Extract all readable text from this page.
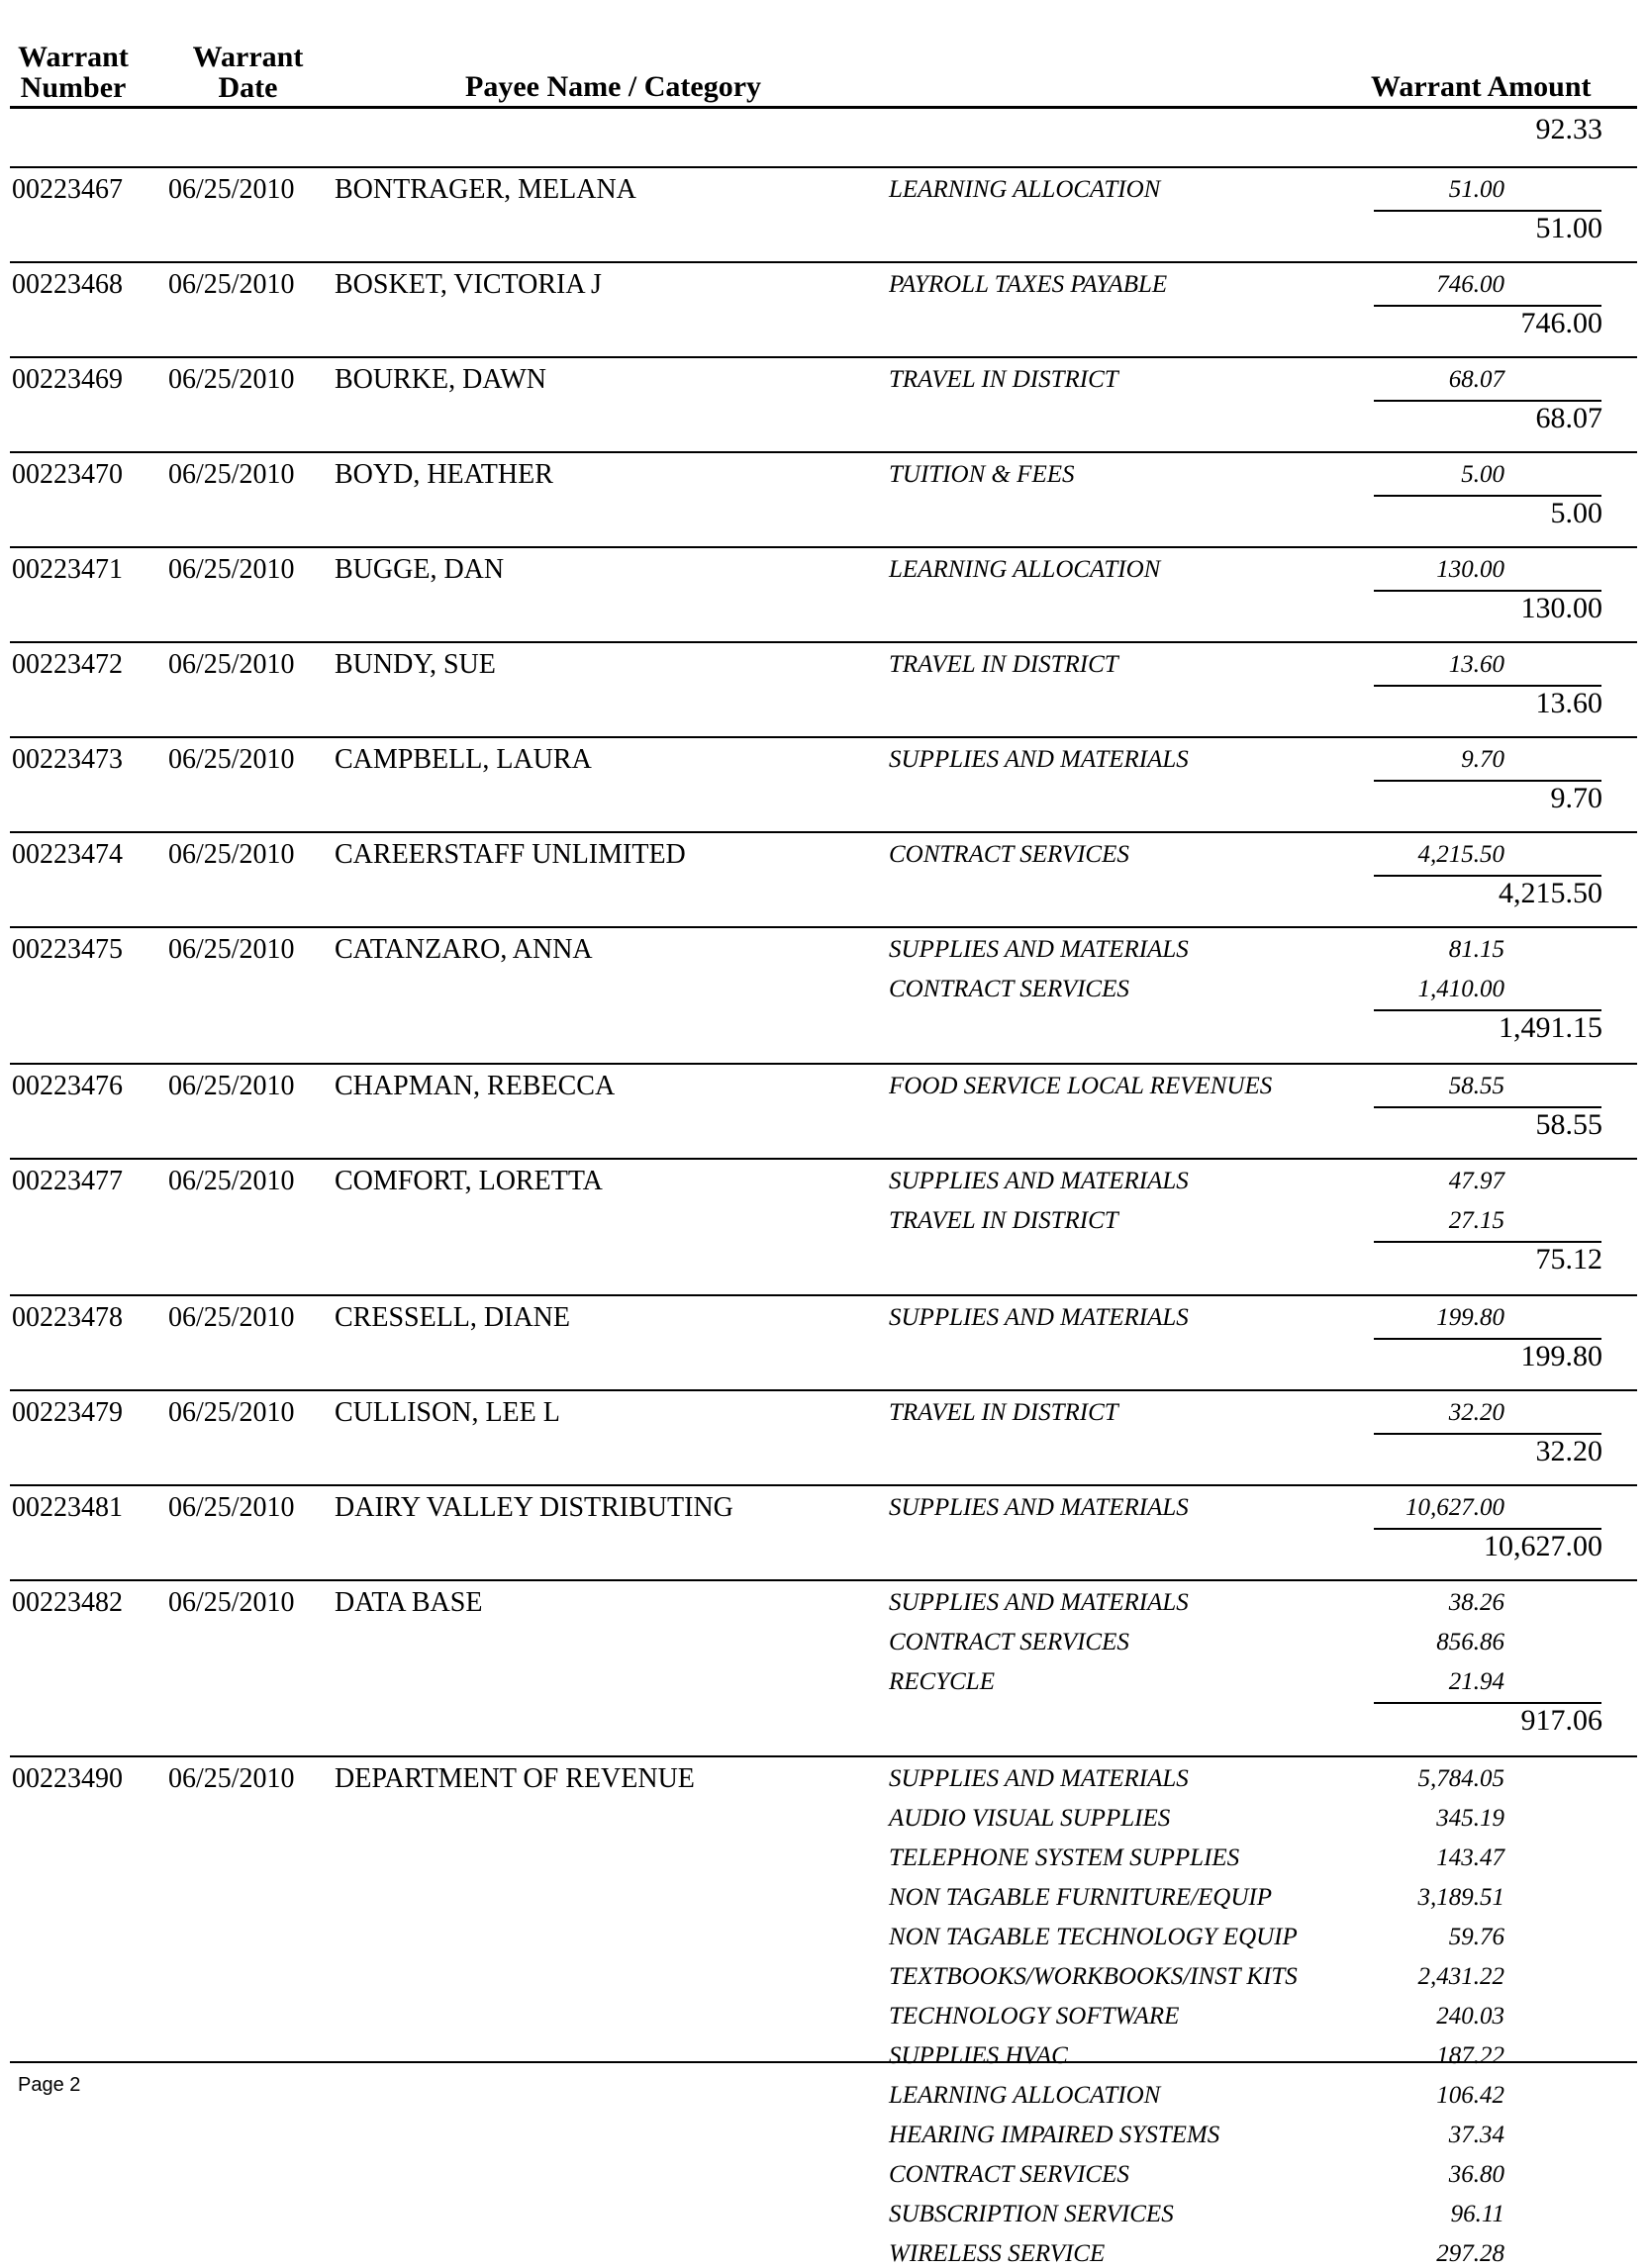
Warrant
Number
Warrant
Date	Payee Name / Category	Warrant Amount
92.33
00223467 06/25/2010 BONTRAGER, MELANA	LEARNING ALLOCATION	51.00
51.00
00223468 06/25/2010 BOSKET, VICTORIA J	PAYROLL TAXES PAYABLE	746.00
746.00
00223469 06/25/2010 BOURKE, DAWN	TRAVEL IN DISTRICT	68.07
68.07
00223470 06/25/2010 BOYD, HEATHER	TUITION & FEES	5.00
5.00
00223471 06/25/2010 BUGGE, DAN	LEARNING ALLOCATION	130.00
130.00
00223472 06/25/2010 BUNDY, SUE	TRAVEL IN DISTRICT	13.60
13.60
00223473 06/25/2010 CAMPBELL, LAURA	SUPPLIES AND MATERIALS	9.70
9.70
00223474 06/25/2010 CAREERSTAFF UNLIMITED	CONTRACT SERVICES	4,215.50
4,215.50
00223475 06/25/2010 CATANZARO, ANNA	SUPPLIES AND MATERIALS	81.15
CONTRACT SERVICES	1,410.00
1,491.15
00223476 06/25/2010 CHAPMAN, REBECCA	FOOD SERVICE LOCAL REVENUES	58.55
58.55
00223477 06/25/2010 COMFORT, LORETTA	SUPPLIES AND MATERIALS	47.97
TRAVEL IN DISTRICT	27.15
75.12
00223478 06/25/2010 CRESSELL, DIANE	SUPPLIES AND MATERIALS	199.80
199.80
00223479 06/25/2010 CULLISON, LEE L	TRAVEL IN DISTRICT	32.20
32.20
00223481 06/25/2010 DAIRY VALLEY DISTRIBUTING	SUPPLIES AND MATERIALS	10,627.00
10,627.00
00223482 06/25/2010 DATA BASE	SUPPLIES AND MATERIALS	38.26
CONTRACT SERVICES	856.86
RECYCLE	21.94
917.06
00223490 06/25/2010 DEPARTMENT OF REVENUE	SUPPLIES AND MATERIALS	5,784.05
AUDIO VISUAL SUPPLIES	345.19
TELEPHONE SYSTEM SUPPLIES	143.47
NON TAGABLE FURNITURE/EQUIP	3,189.51
NON TAGABLE TECHNOLOGY EQUIP	59.76
TEXTBOOKS/WORKBOOKS/INST KITS	2,431.22
TECHNOLOGY SOFTWARE	240.03
SUPPLIES HVAC	187.22
LEARNING ALLOCATION	106.42
HEARING IMPAIRED SYSTEMS	37.34
CONTRACT SERVICES	36.80
SUBSCRIPTION SERVICES	96.11
WIRELESS SERVICE	297.28
Page 2
